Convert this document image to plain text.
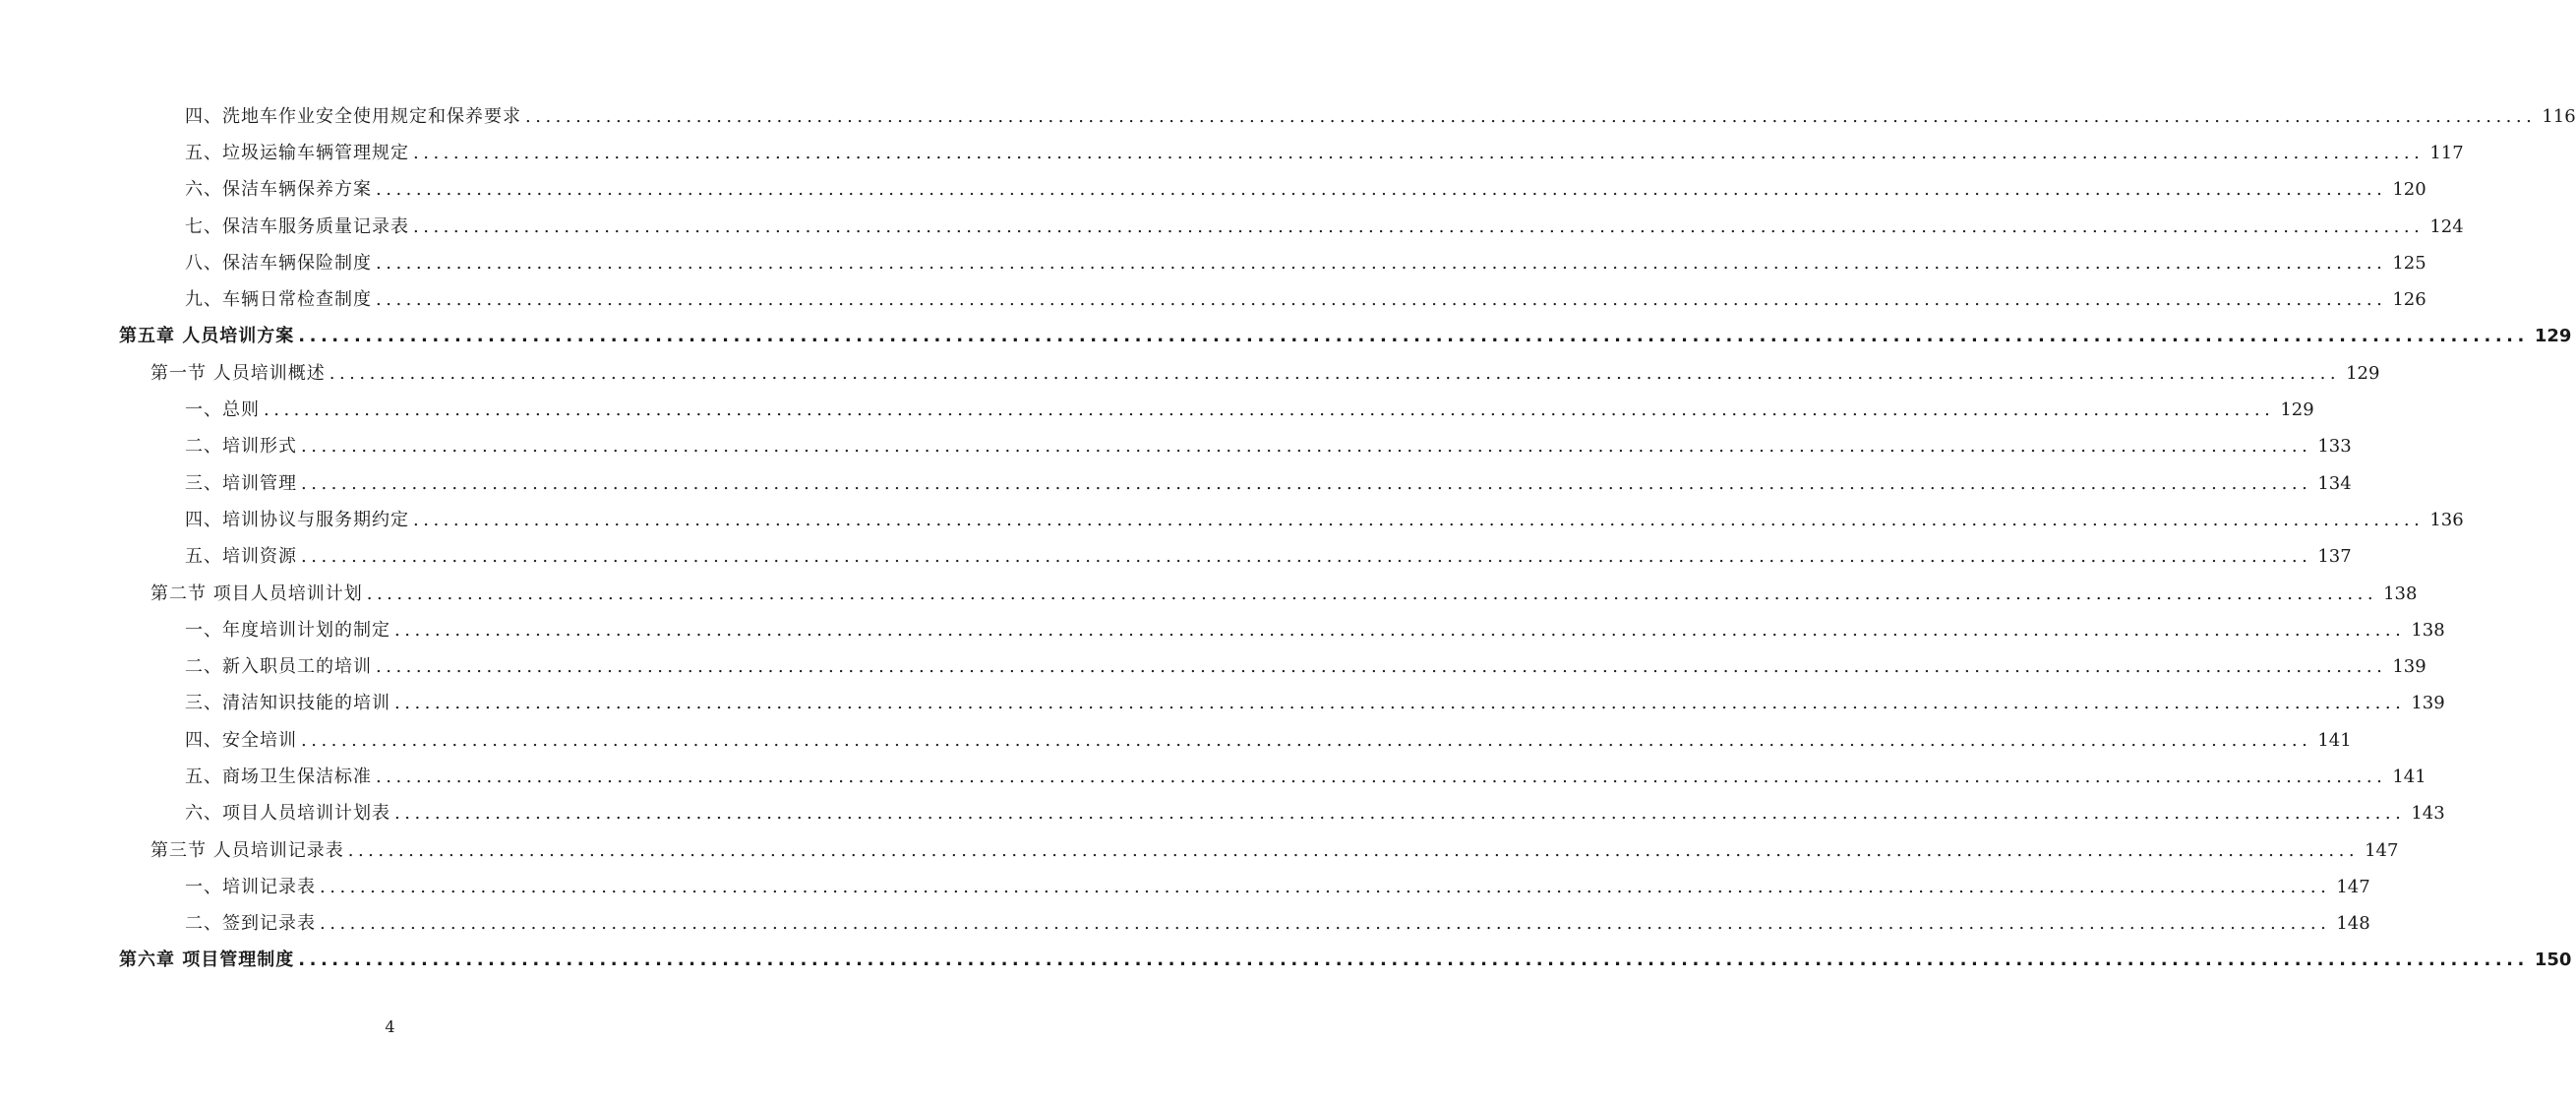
四、洗地车作业安全使用规定和保养要求 ........................................................................................................................................................................................................ 116
五、垃圾运输车辆管理规定 ........................................................................................................................................................................................................ 117
六、保洁车辆保养方案 ........................................................................................................................................................................................................ 120
七、保洁车服务质量记录表 ........................................................................................................................................................................................................ 124
八、保洁车辆保险制度 ........................................................................................................................................................................................................ 125
九、车辆日常检查制度 ........................................................................................................................................................................................................ 126
第五章 人员培训方案 ........................................................................................................................................................................................................ 129
第一节 人员培训概述 ........................................................................................................................................................................................................ 129
一、总则 ........................................................................................................................................................................................................ 129
二、培训形式 ........................................................................................................................................................................................................ 133
三、培训管理 ........................................................................................................................................................................................................ 134
四、培训协议与服务期约定 ........................................................................................................................................................................................................ 136
五、培训资源 ........................................................................................................................................................................................................ 137
第二节 项目人员培训计划 ........................................................................................................................................................................................................ 138
一、年度培训计划的制定 ........................................................................................................................................................................................................ 138
二、新入职员工的培训 ........................................................................................................................................................................................................ 139
三、清洁知识技能的培训 ........................................................................................................................................................................................................ 139
四、安全培训 ........................................................................................................................................................................................................ 141
五、商场卫生保洁标准 ........................................................................................................................................................................................................ 141
六、项目人员培训计划表 ........................................................................................................................................................................................................ 143
第三节 人员培训记录表 ........................................................................................................................................................................................................ 147
一、培训记录表 ........................................................................................................................................................................................................ 147
二、签到记录表 ........................................................................................................................................................................................................ 148
第六章 项目管理制度 ........................................................................................................................................................................................................ 150
4
